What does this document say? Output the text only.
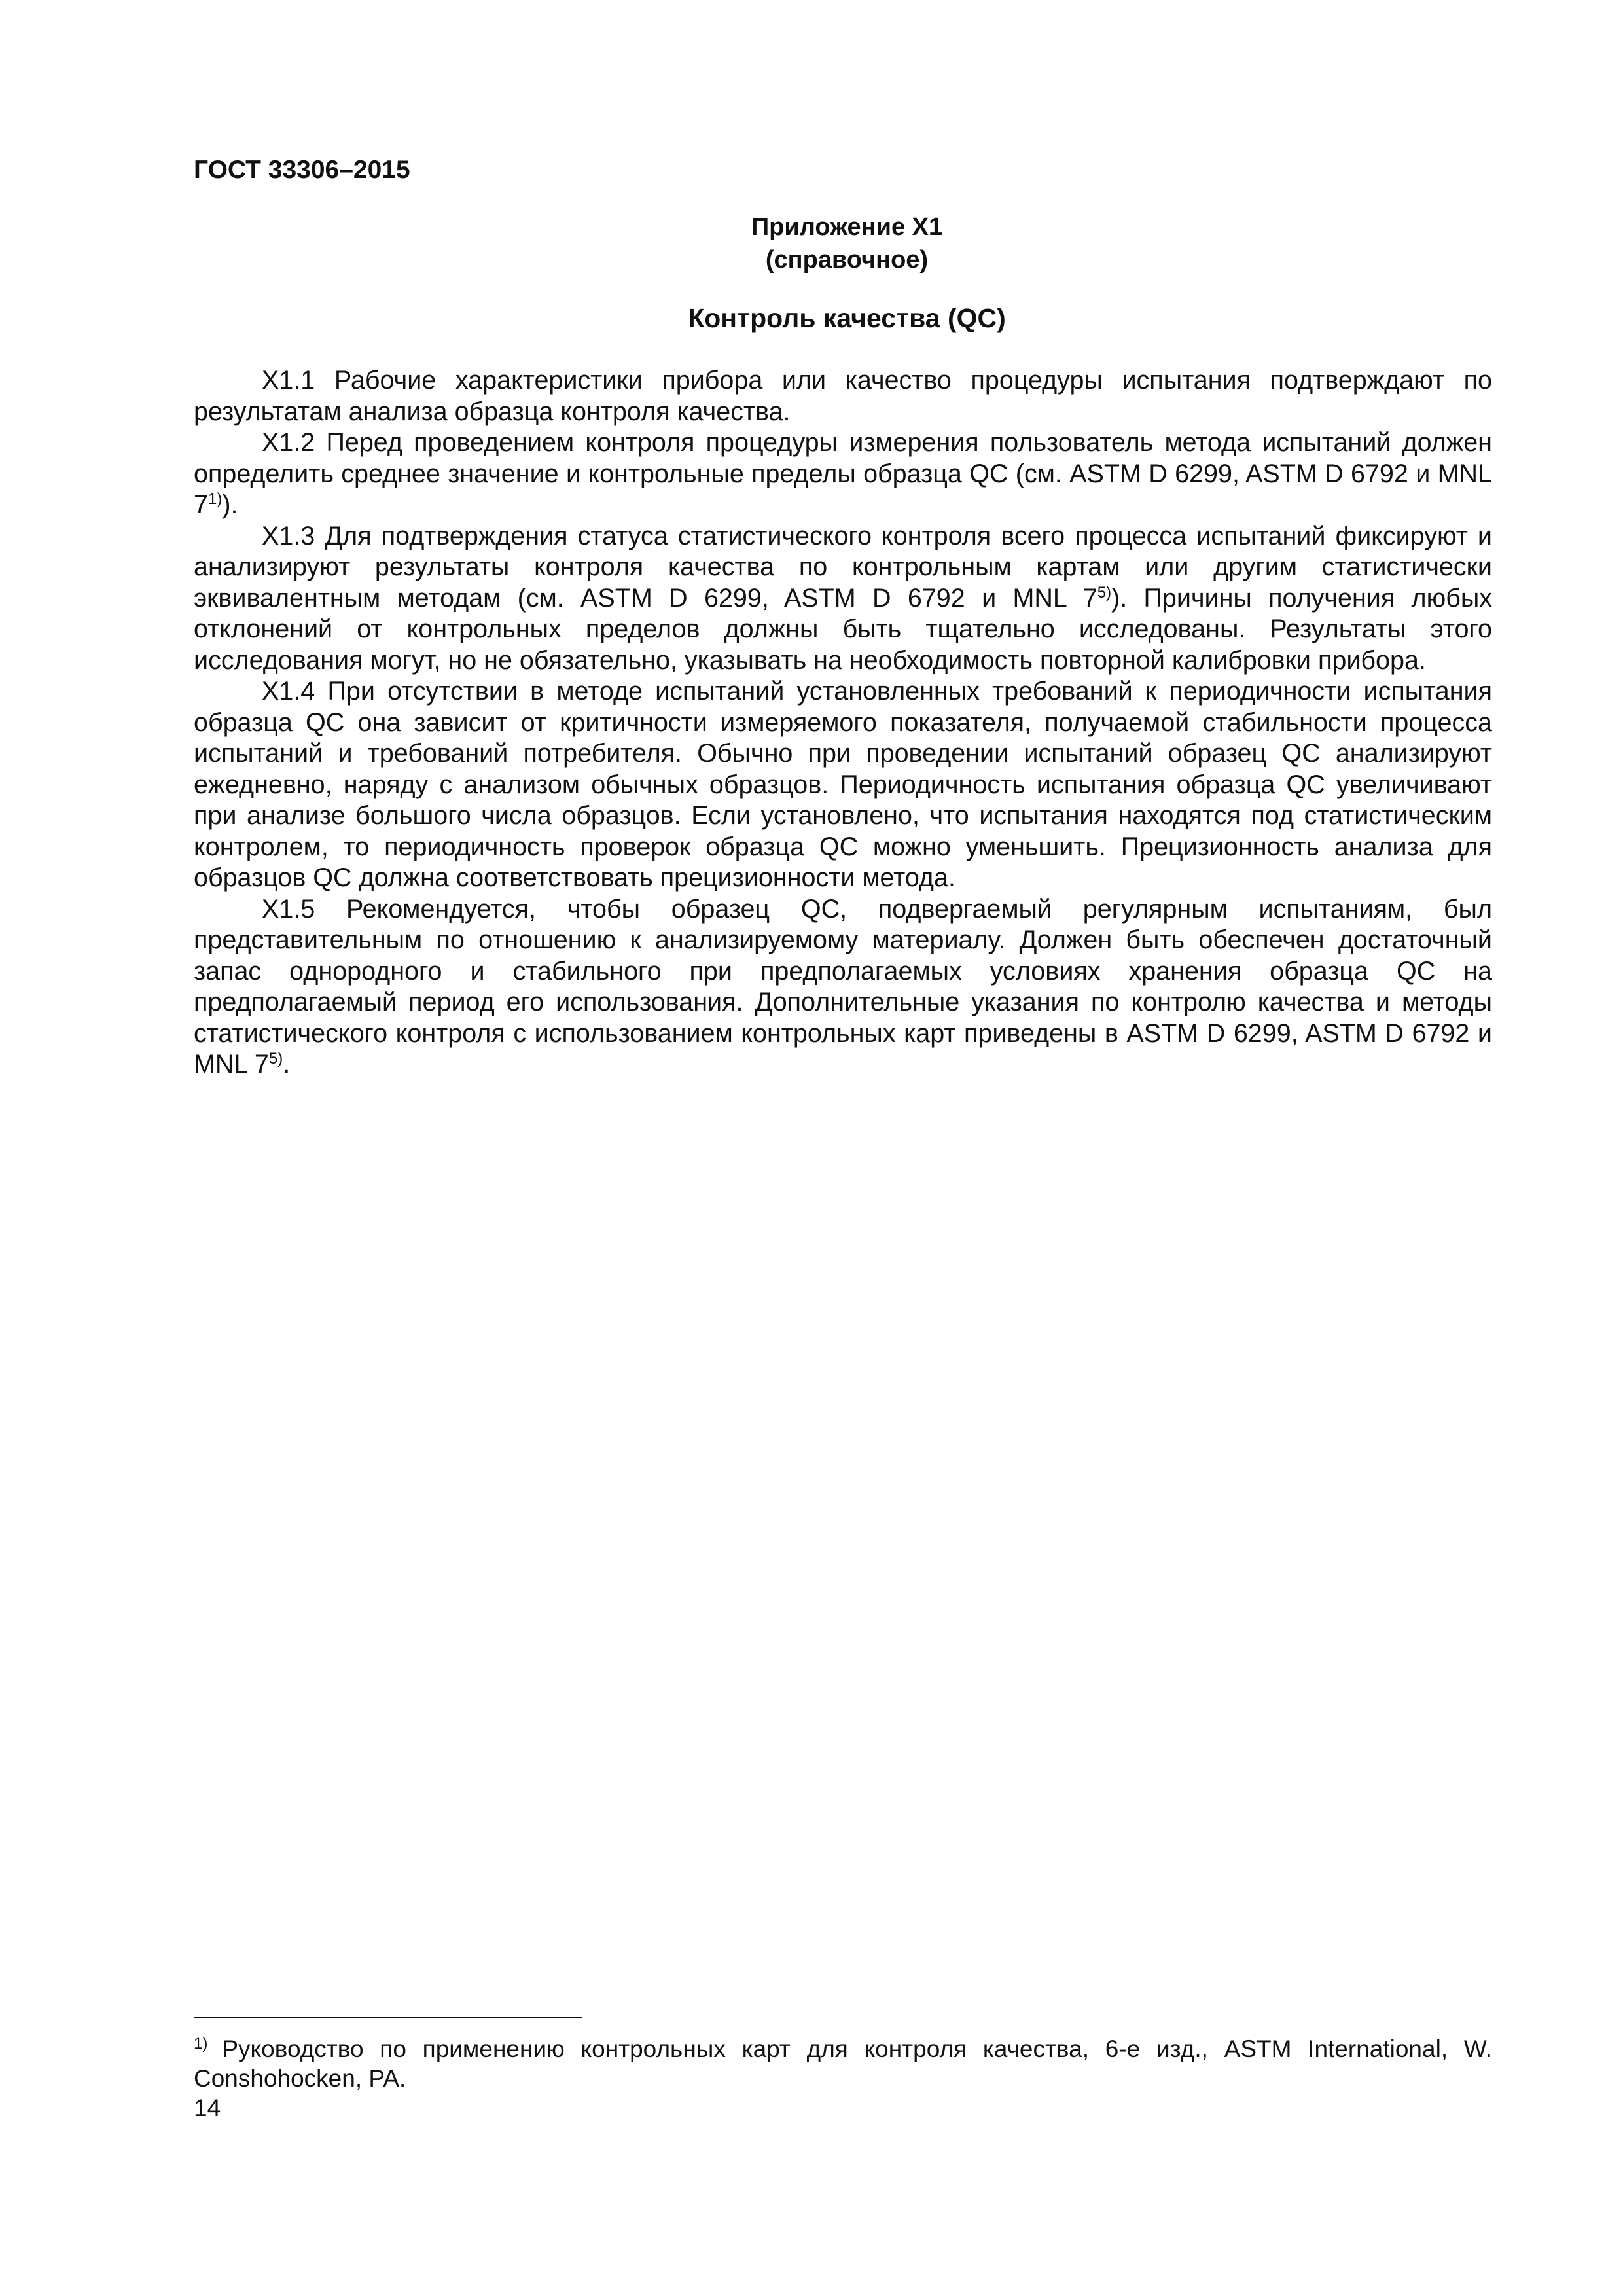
ГОСТ 33306–2015

Приложение X1
(справочное)

Контроль качества (QC)

X1.1 Рабочие характеристики прибора или качество процедуры испытания подтверждают по результатам анализа образца контроля качества.

X1.2 Перед проведением контроля процедуры измерения пользователь метода испытаний должен определить среднее значение и контрольные пределы образца QC (см. ASTM D 6299, ASTM D 6792 и MNL 7$^{1)}$).

X1.3 Для подтверждения статуса статистического контроля всего процесса испытаний фиксируют и анализируют результаты контроля качества по контрольным картам или другим статистически эквивалентным методам (см. ASTM D 6299, ASTM D 6792 и MNL 7$^{5)}$). Причины получения любых отклонений от контрольных пределов должны быть тщательно исследованы. Результаты этого исследования могут, но не обязательно, указывать на необходимость повторной калибровки прибора.

X1.4 При отсутствии в методе испытаний установленных требований к периодичности испытания образца QC она зависит от критичности измеряемого показателя, получаемой стабильности процесса испытаний и требований потребителя. Обычно при проведении испытаний образец QC анализируют ежедневно, наряду с анализом обычных образцов. Периодичность испытания образца QC увеличивают при анализе большого числа образцов. Если установлено, что испытания находятся под статистическим контролем, то периодичность проверок образца QC можно уменьшить. Прецизионность анализа для образцов QC должна соответствовать прецизионности метода.

X1.5 Рекомендуется, чтобы образец QC, подвергаемый регулярным испытаниям, был представительным по отношению к анализируемому материалу. Должен быть обеспечен достаточный запас однородного и стабильного при предполагаемых условиях хранения образца QC на предполагаемый период его использования. Дополнительные указания по контролю качества и методы статистического контроля с использованием контрольных карт приведены в ASTM D 6299, ASTM D 6792 и MNL 7$^{5)}$.

$^{1)}$ Руководство по применению контрольных карт для контроля качества, 6-е изд., ASTM International, W. Conshohocken, PA.

14
